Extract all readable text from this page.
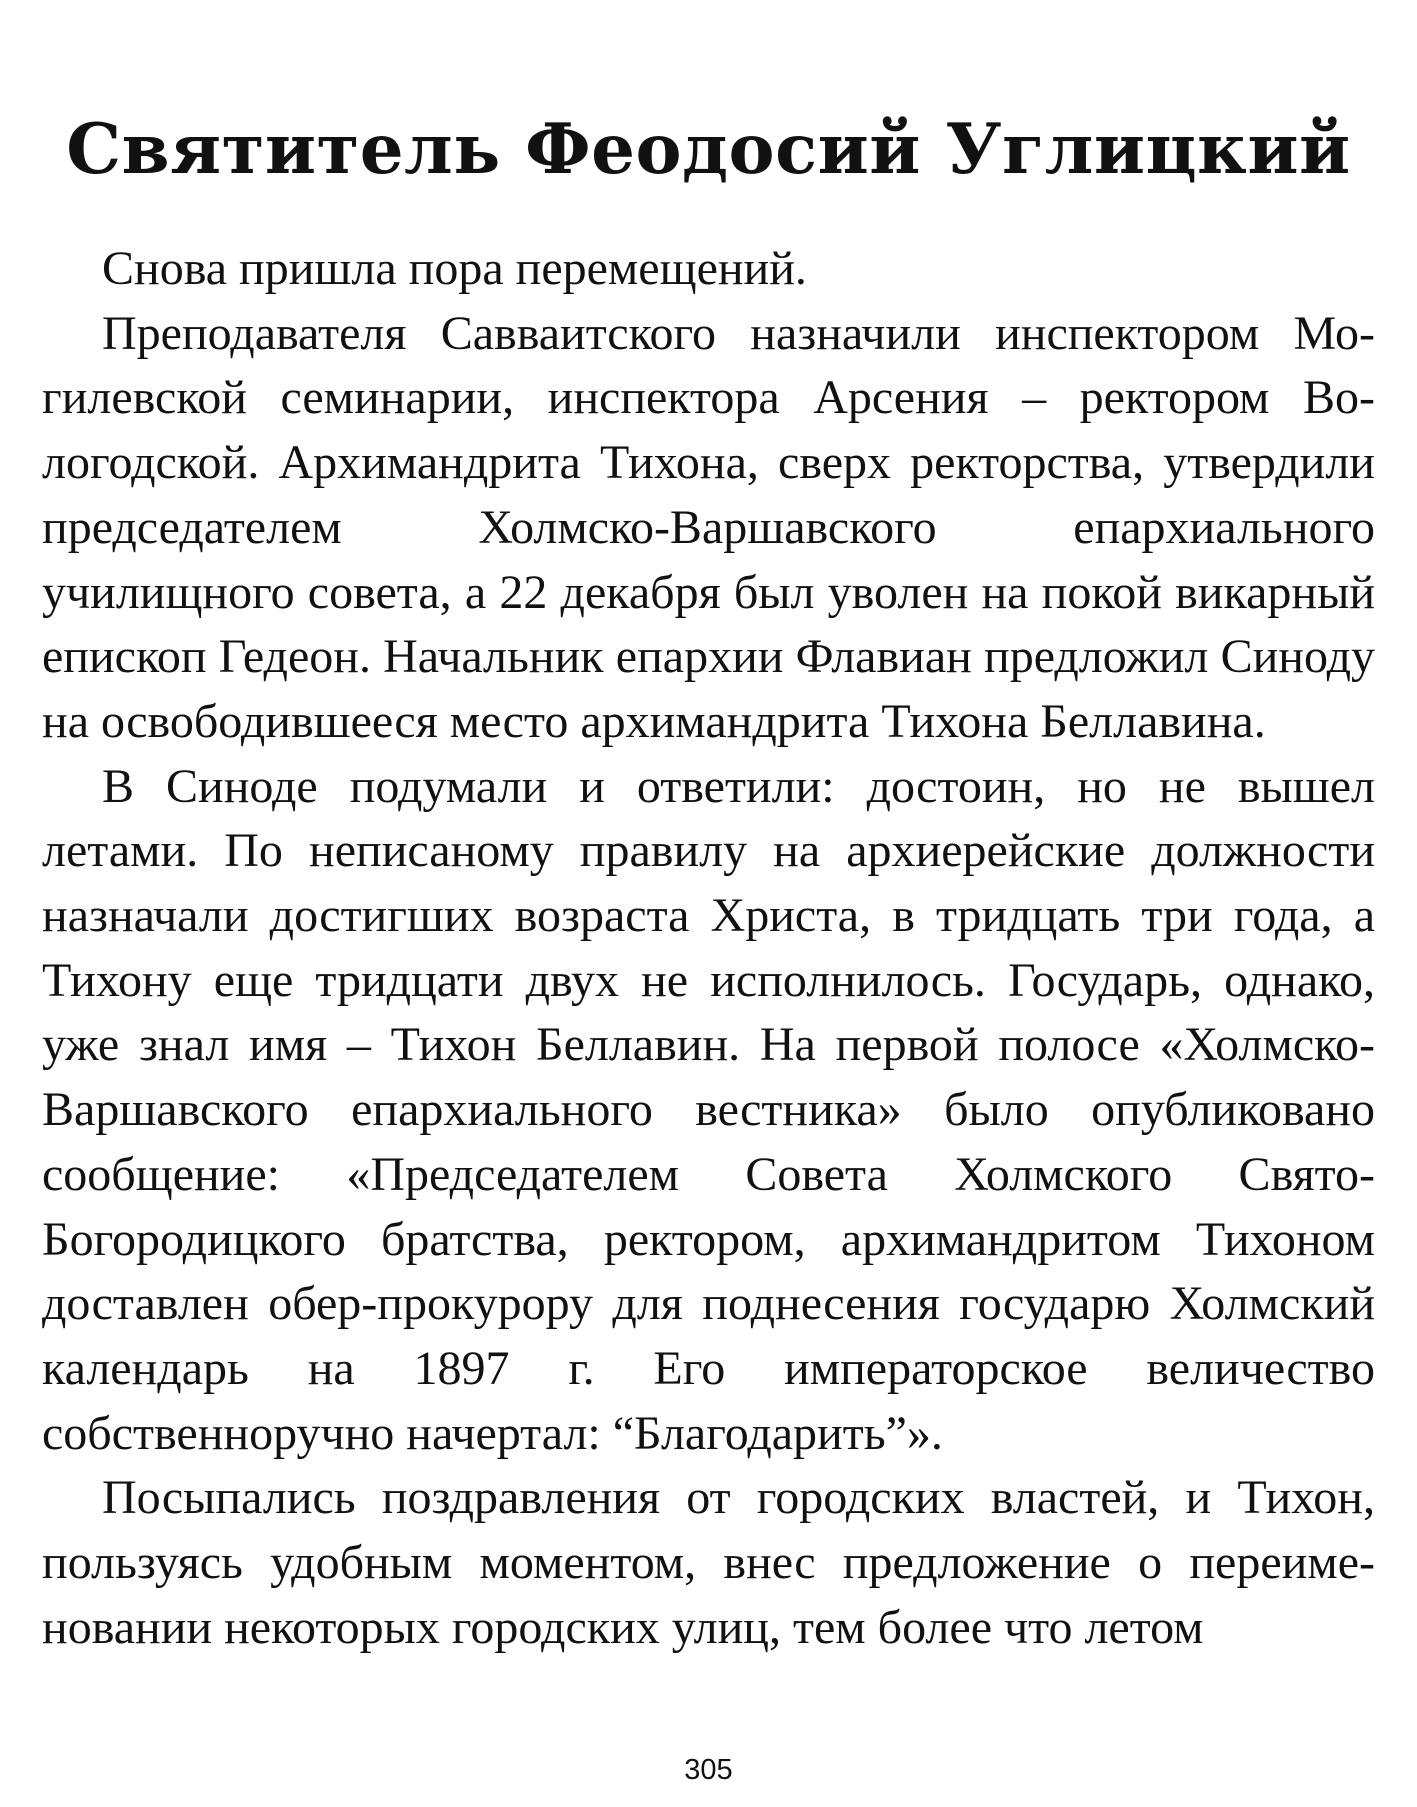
Святитель Феодосий Углицкий

Снова пришла пора перемещений.

Преподавателя Савваитского назначили инспектором Могилевской семинарии, инспектора Арсения – ректором Вологодской. Архимандрита Тихона, сверх ректорства, утвердили председателем Холмско-Варшавского епархиального училищного совета, а 22 декабря был уволен на покой викарный епископ Гедеон. Начальник епархии Флавиан предложил Синоду на освободившееся место архимандрита Тихона Беллавина.

В Синоде подумали и ответили: достоин, но не вышел летами. По неписаному правилу на архиерейские должности назначали достигших возраста Христа, в тридцать три года, а Тихону еще тридцати двух не исполнилось. Государь, однако, уже знал имя – Тихон Беллавин. На первой полосе «Холмско-Варшавского епархиального вестника» было опубликовано сообщение: «Председателем Совета Холмского Свято-Богородицкого братства, ректором, архимандритом Тихоном доставлен обер-прокурору для поднесения государю Холмский календарь на 1897 г. Его императорское величество собственноручно начертал: “Благодарить”».

Посыпались поздравления от городских властей, и Тихон, пользуясь удобным моментом, внес предложение о переименовании некоторых городских улиц, тем более что летом

305
